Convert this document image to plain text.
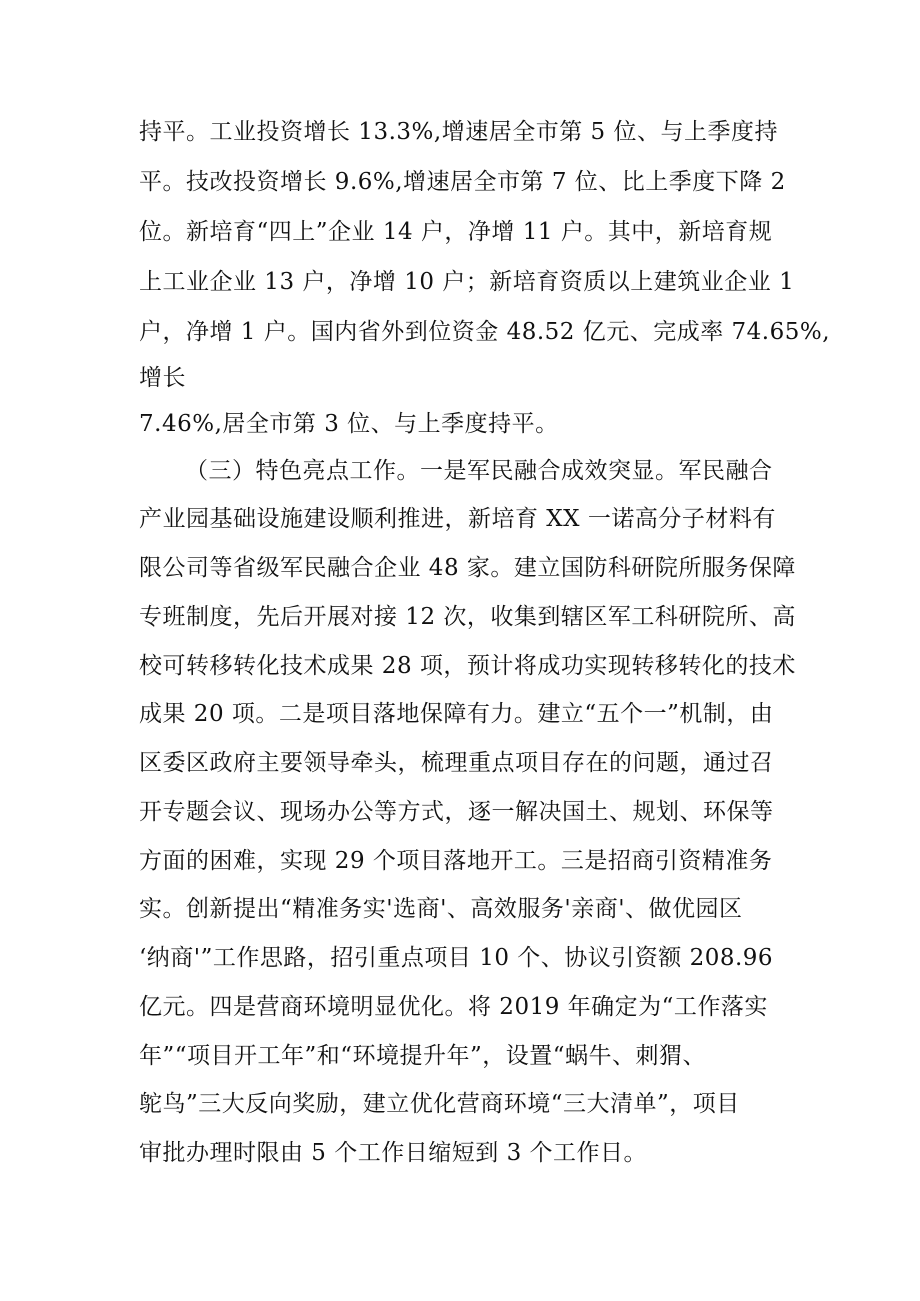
持平。工业投资增长 13.3%,增速居全市第 5 位、与上季度持
平。技改投资增长 9.6%,增速居全市第 7 位、比上季度下降 2
位。新培育“四上”企业 14 户，净增 11 户。其中，新培育规
上工业企业 13 户，净增 10 户；新培育资质以上建筑业企业 1
户，净增 1 户。国内省外到位资金 48.52 亿元、完成率 74.65%,
增长
7.46%,居全市第 3 位、与上季度持平。
（三）特色亮点工作。一是军民融合成效突显。军民融合
产业园基础设施建设顺利推进，新培育 XX 一诺高分子材料有
限公司等省级军民融合企业 48 家。建立国防科研院所服务保障
专班制度，先后开展对接 12 次，收集到辖区军工科研院所、高
校可转移转化技术成果 28 项，预计将成功实现转移转化的技术
成果 20 项。二是项目落地保障有力。建立“五个一”机制，由
区委区政府主要领导牵头，梳理重点项目存在的问题，通过召
开专题会议、现场办公等方式，逐一解决国土、规划、环保等
方面的困难，实现 29 个项目落地开工。三是招商引资精准务
实。创新提出“精准务实'选商'、高效服务'亲商'、做优园区
‘纳商'”工作思路，招引重点项目 10 个、协议引资额 208.96
亿元。四是营商环境明显优化。将 2019 年确定为“工作落实
年”“项目开工年”和“环境提升年”，设置“蜗牛、刺猬、
鸵鸟”三大反向奖励，建立优化营商环境“三大清单”，项目
审批办理时限由 5 个工作日缩短到 3 个工作日。
